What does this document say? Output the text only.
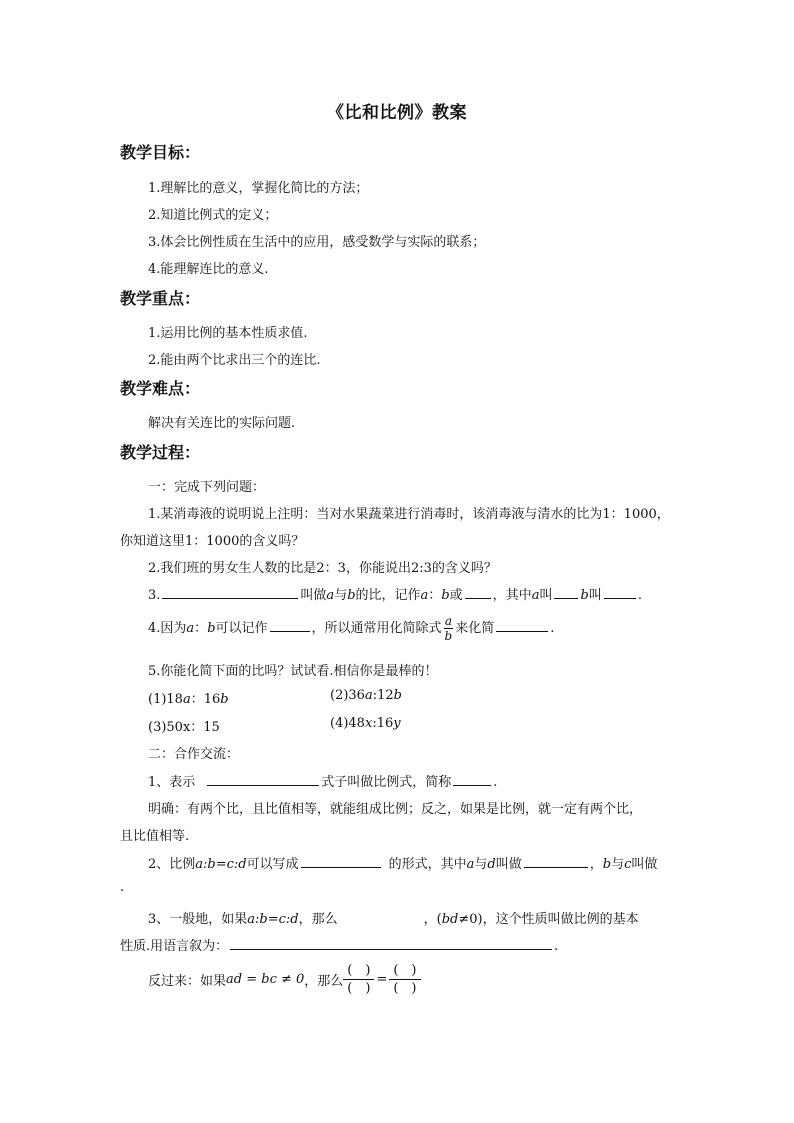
《比和比例》教案
教学目标：
1.理解比的意义，掌握化简比的方法；
2.知道比例式的定义；
3.体会比例性质在生活中的应用，感受数学与实际的联系；
4.能理解连比的意义.
教学重点：
1.运用比例的基本性质求值.
2.能由两个比求出三个的连比.
教学难点：
解决有关连比的实际问题.
教学过程：
一：完成下列问题：
1.某消毒液的说明说上注明：当对水果蔬菜进行消毒时，该消毒液与清水的比为1：1000，
你知道这里1：1000的含义吗？
2.我们班的男女生人数的比是2：3，你能说出2:3的含义吗？
3.	叫做a与b的比，记作a：b或 ，其中a叫 b叫	.
4.因为a：b可以记作	，所以通常用化简除式 $\frac{a}{b}$ 来化简	.
5.你能化简下面的比吗？试试看.相信你是最棒的！
(1)18a：16b	(2)36a:12b
(3)50x：15	(4)48x:16y
二：合作交流：
1、表示	式子叫做比例式，简称	.
明确：有两个比，且比值相等，就能组成比例；反之，如果是比例，就一定有两个比，
且比值相等.
2、比例a:b=c:d可以写成	的形式，其中a与d叫做	，b与c叫做
.
3、一般地，如果a:b=c:d，那么	，(bd≠0)，这个性质叫做比例的基本
性质.用语言叙为：	.
反过来：如果ad = bc ≠ 0，那么 $\frac{( )}{( )} = \frac{( )}{( )}$
